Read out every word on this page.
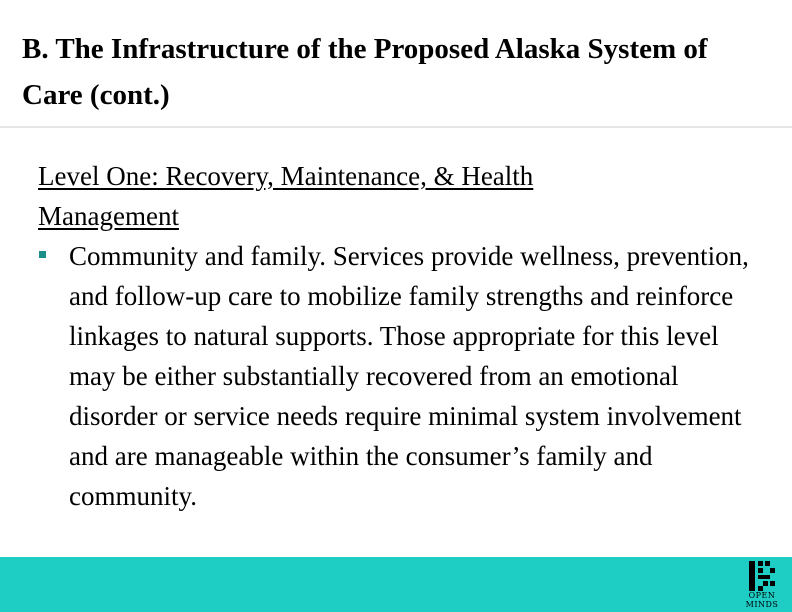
B. The Infrastructure of the Proposed Alaska System of Care (cont.)
Level One: Recovery, Maintenance, & Health
Management
Community and family. Services provide wellness, prevention, and follow-up care to mobilize family strengths and reinforce linkages to natural supports. Those appropriate for this level may be either substantially recovered from an emotional disorder or service needs require minimal system involvement and are manageable within the consumer’s family and community.
OPEN
MINDS
